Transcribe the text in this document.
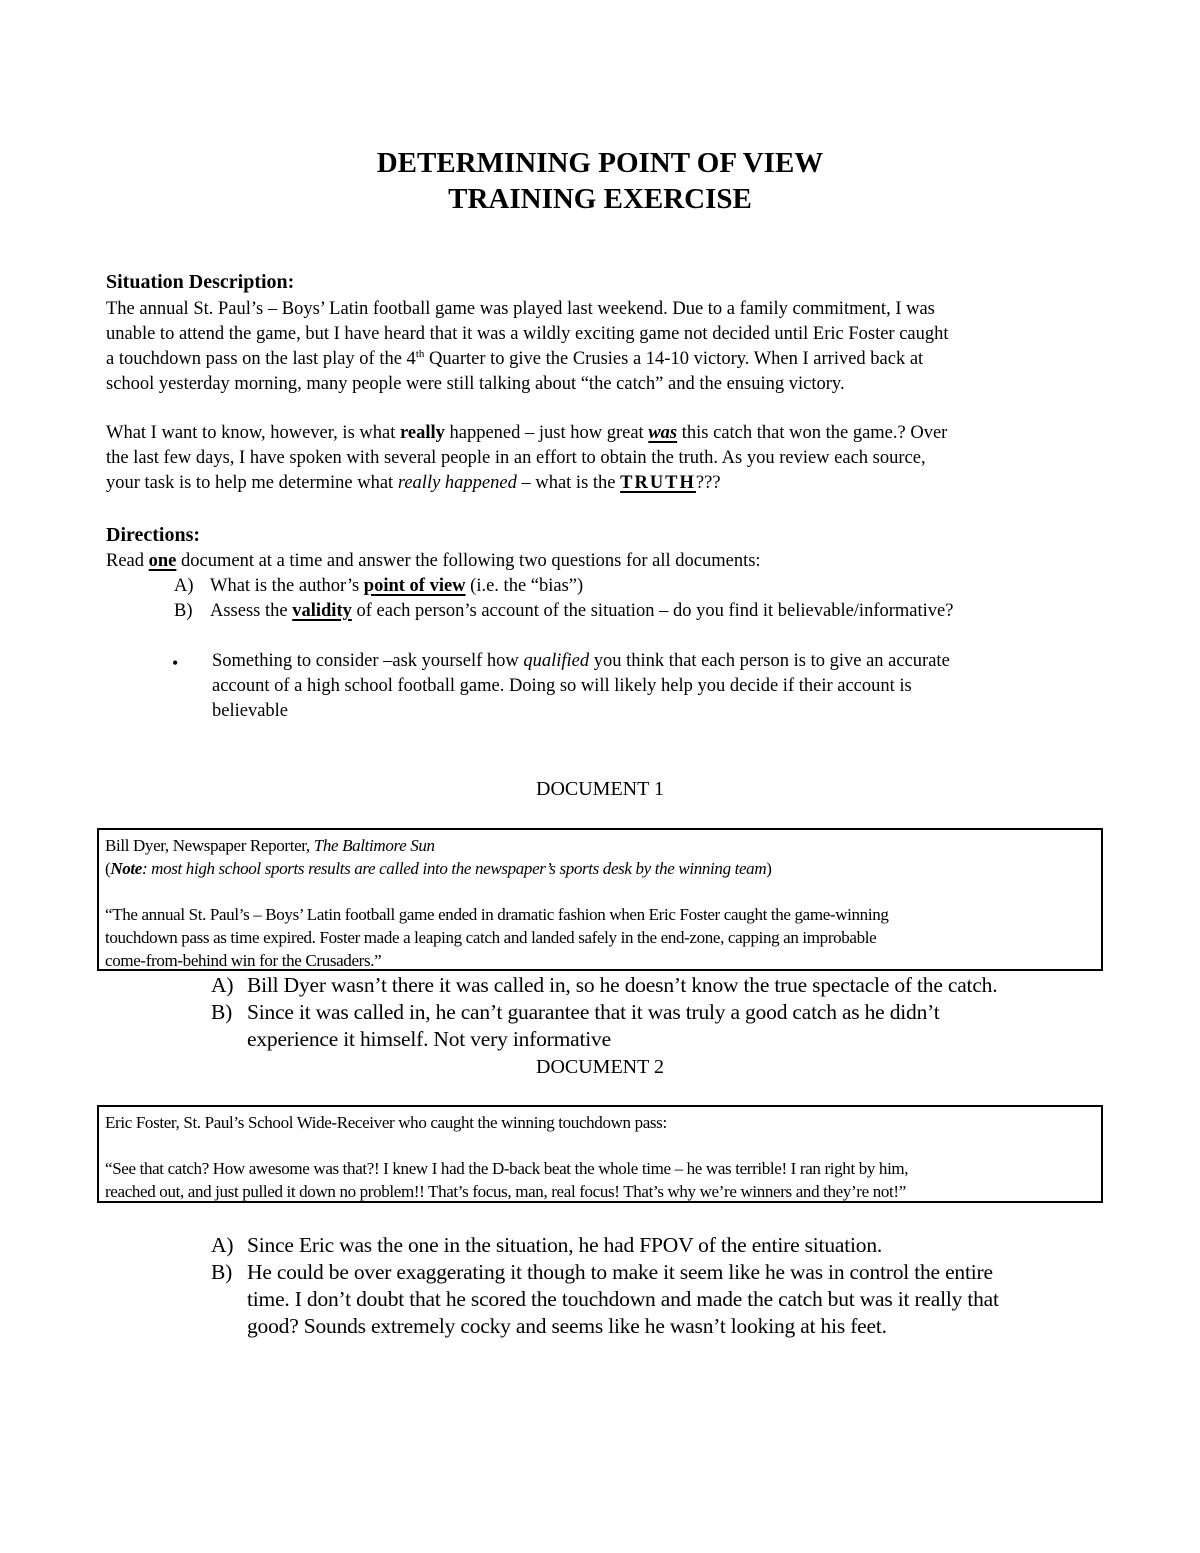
DETERMINING POINT OF VIEW
TRAINING EXERCISE
Situation Description:
The annual St. Paul’s – Boys’ Latin football game was played last weekend. Due to a family commitment, I was
unable to attend the game, but I have heard that it was a wildly exciting game not decided until Eric Foster caught
a touchdown pass on the last play of the 4th Quarter to give the Crusies a 14-10 victory. When I arrived back at
school yesterday morning, many people were still talking about “the catch” and the ensuing victory.
What I want to know, however, is what really happened – just how great was this catch that won the game.? Over
the last few days, I have spoken with several people in an effort to obtain the truth. As you review each source,
your task is to help me determine what really happened – what is the TRUTH???
Directions:
Read one document at a time and answer the following two questions for all documents:
A) What is the author’s point of view (i.e. the “bias”)
B) Assess the validity of each person’s account of the situation – do you find it believable/informative?
• Something to consider –ask yourself how qualified you think that each person is to give an accurate
account of a high school football game. Doing so will likely help you decide if their account is
believable
DOCUMENT 1
Bill Dyer, Newspaper Reporter, The Baltimore Sun
(Note: most high school sports results are called into the newspaper’s sports desk by the winning team)
“The annual St. Paul’s – Boys’ Latin football game ended in dramatic fashion when Eric Foster caught the game-winning
touchdown pass as time expired. Foster made a leaping catch and landed safely in the end-zone, capping an improbable
come-from-behind win for the Crusaders.”
A) Bill Dyer wasn’t there it was called in, so he doesn’t know the true spectacle of the catch.
B) Since it was called in, he can’t guarantee that it was truly a good catch as he didn’t
experience it himself. Not very informative
DOCUMENT 2
Eric Foster, St. Paul’s School Wide-Receiver who caught the winning touchdown pass:
“See that catch? How awesome was that?! I knew I had the D-back beat the whole time – he was terrible! I ran right by him,
reached out, and just pulled it down no problem!! That’s focus, man, real focus! That’s why we’re winners and they’re not!”
A) Since Eric was the one in the situation, he had FPOV of the entire situation.
B) He could be over exaggerating it though to make it seem like he was in control the entire
time. I don’t doubt that he scored the touchdown and made the catch but was it really that
good? Sounds extremely cocky and seems like he wasn’t looking at his feet.
